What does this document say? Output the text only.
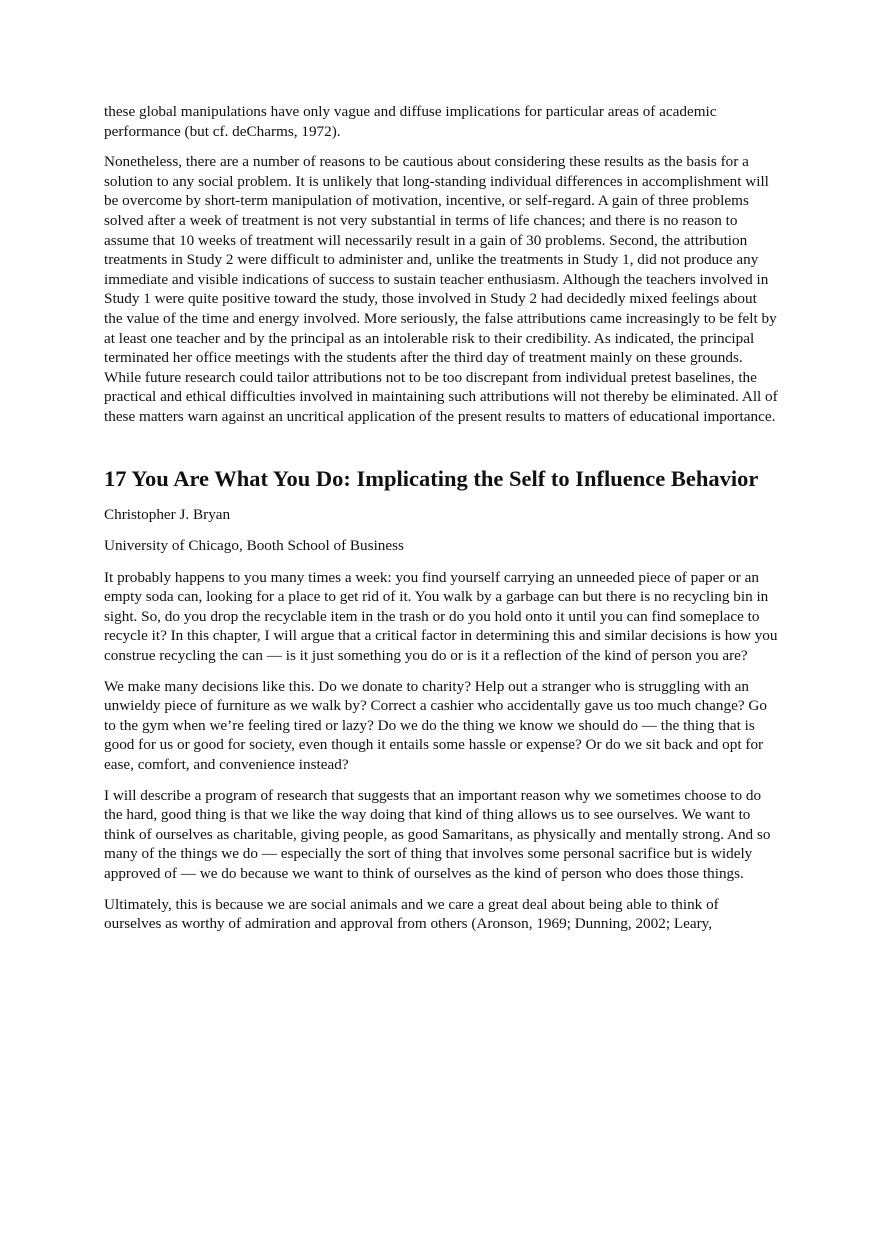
these global manipulations have only vague and diffuse implications for particular areas of academic performance (but cf. deCharms, 1972).

Nonetheless, there are a number of reasons to be cautious about considering these results as the basis for a solution to any social problem. It is unlikely that long-standing individual differences in accomplishment will be overcome by short-term manipulation of motivation, incentive, or self-regard. A gain of three problems solved after a week of treatment is not very substantial in terms of life chances; and there is no reason to assume that 10 weeks of treatment will necessarily result in a gain of 30 problems. Second, the attribution treatments in Study 2 were difficult to administer and, unlike the treatments in Study 1, did not produce any immediate and visible indications of success to sustain teacher enthusiasm. Although the teachers involved in Study 1 were quite positive toward the study, those involved in Study 2 had decidedly mixed feelings about the value of the time and energy involved. More seriously, the false attributions came increasingly to be felt by at least one teacher and by the principal as an intolerable risk to their credibility. As indicated, the principal terminated her office meetings with the students after the third day of treatment mainly on these grounds. While future research could tailor attributions not to be too discrepant from individual pretest baselines, the practical and ethical difficulties involved in maintaining such attributions will not thereby be eliminated. All of these matters warn against an uncritical application of the present results to matters of educational importance.

17 You Are What You Do: Implicating the Self to Influence Behavior

Christopher J. Bryan

University of Chicago, Booth School of Business

It probably happens to you many times a week: you find yourself carrying an unneeded piece of paper or an empty soda can, looking for a place to get rid of it. You walk by a garbage can but there is no recycling bin in sight. So, do you drop the recyclable item in the trash or do you hold onto it until you can find someplace to recycle it? In this chapter, I will argue that a critical factor in determining this and similar decisions is how you construe recycling the can — is it just something you do or is it a reflection of the kind of person you are?

We make many decisions like this. Do we donate to charity? Help out a stranger who is struggling with an unwieldy piece of furniture as we walk by? Correct a cashier who accidentally gave us too much change? Go to the gym when we’re feeling tired or lazy? Do we do the thing we know we should do — the thing that is good for us or good for society, even though it entails some hassle or expense? Or do we sit back and opt for ease, comfort, and convenience instead?

I will describe a program of research that suggests that an important reason why we sometimes choose to do the hard, good thing is that we like the way doing that kind of thing allows us to see ourselves. We want to think of ourselves as charitable, giving people, as good Samaritans, as physically and mentally strong. And so many of the things we do — especially the sort of thing that involves some personal sacrifice but is widely approved of — we do because we want to think of ourselves as the kind of person who does those things.

Ultimately, this is because we are social animals and we care a great deal about being able to think of ourselves as worthy of admiration and approval from others (Aronson, 1969; Dunning, 2002; Leary,
